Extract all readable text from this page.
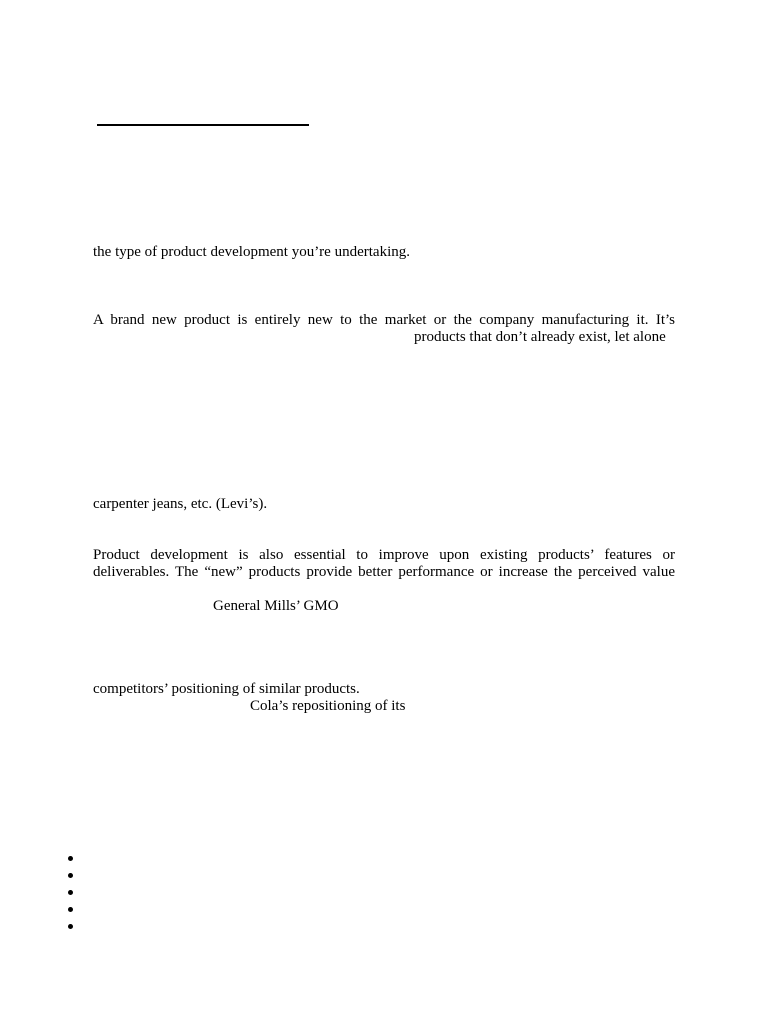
the type of product development you’re undertaking.
A brand new product is entirely new to the market or the company manufacturing it. It’s
products that don’t already exist, let alone
carpenter jeans, etc. (Levi’s).
Product development is also essential to improve upon existing products’ features or
deliverables. The “new” products provide better performance or increase the perceived value
General Mills’ GMO
competitors’ positioning of similar products.
Cola’s repositioning of its
